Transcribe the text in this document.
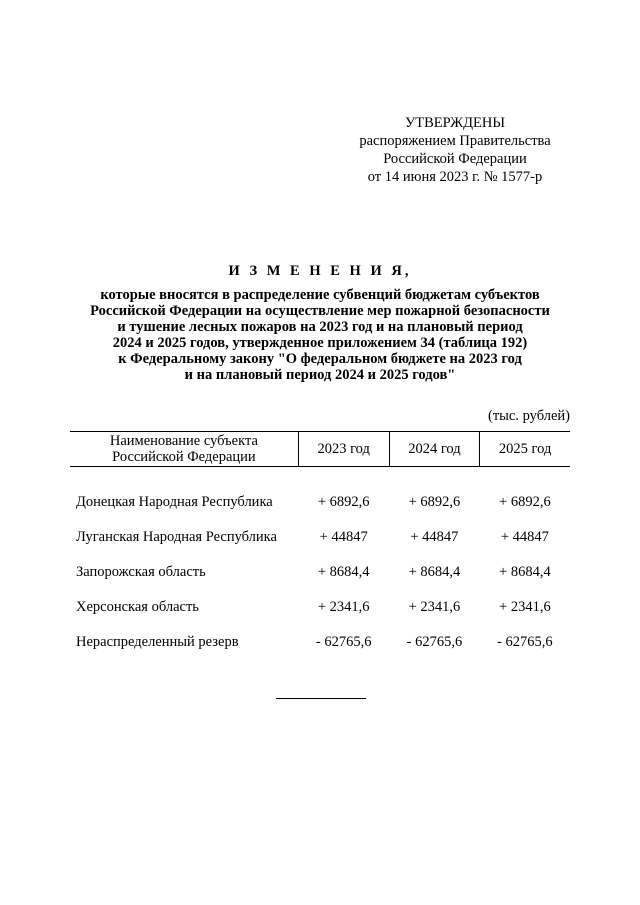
УТВЕРЖДЕНЫ
распоряжением Правительства
Российской Федерации
от 14 июня 2023 г. № 1577-р
И З М Е Н Е Н И Я,
которые вносятся в распределение субвенций бюджетам субъектов
Российской Федерации на осуществление мер пожарной безопасности
и тушение лесных пожаров на 2023 год и на плановый период
2024 и 2025 годов, утвержденное приложением 34 (таблица 192)
к Федеральному закону "О федеральном бюджете на 2023 год
и на плановый период 2024 и 2025 годов"
(тыс. рублей)
Наименование субъекта
Российской Федерации	2023 год	2024 год	2025 год
Донецкая Народная Республика	+ 6892,6	+ 6892,6	+ 6892,6
Луганская Народная Республика	+ 44847	+ 44847	+ 44847
Запорожская область	+ 8684,4	+ 8684,4	+ 8684,4
Херсонская область	+ 2341,6	+ 2341,6	+ 2341,6
Нераспределенный резерв	- 62765,6	- 62765,6	- 62765,6
